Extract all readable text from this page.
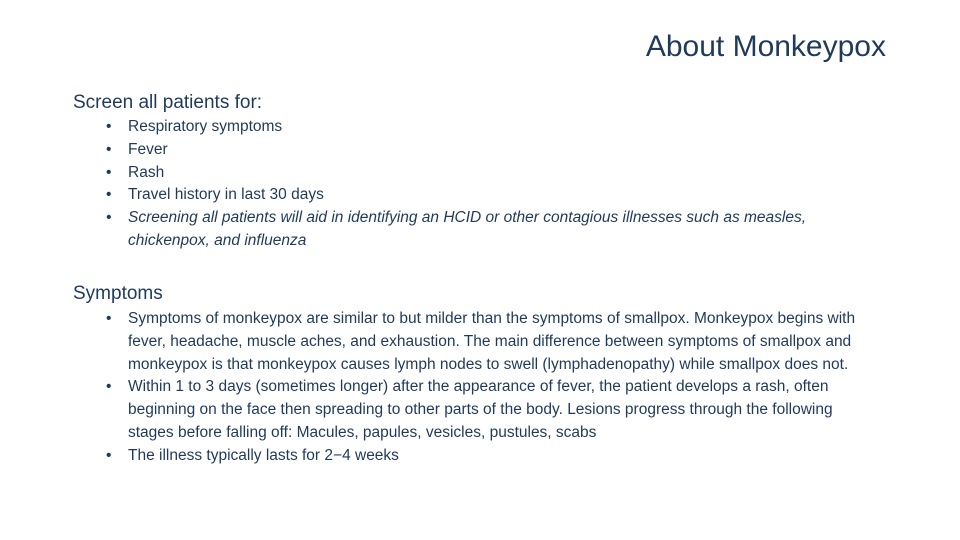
About Monkeypox
Screen all patients for:
• Respiratory symptoms
• Fever
• Rash
• Travel history in last 30 days
• Screening all patients will aid in identifying an HCID or other contagious illnesses such as measles, chickenpox, and influenza
Symptoms
• Symptoms of monkeypox are similar to but milder than the symptoms of smallpox. Monkeypox begins with fever, headache, muscle aches, and exhaustion. The main difference between symptoms of smallpox and monkeypox is that monkeypox causes lymph nodes to swell (lymphadenopathy) while smallpox does not.
• Within 1 to 3 days (sometimes longer) after the appearance of fever, the patient develops a rash, often beginning on the face then spreading to other parts of the body. Lesions progress through the following stages before falling off: Macules, papules, vesicles, pustules, scabs
• The illness typically lasts for 2−4 weeks
